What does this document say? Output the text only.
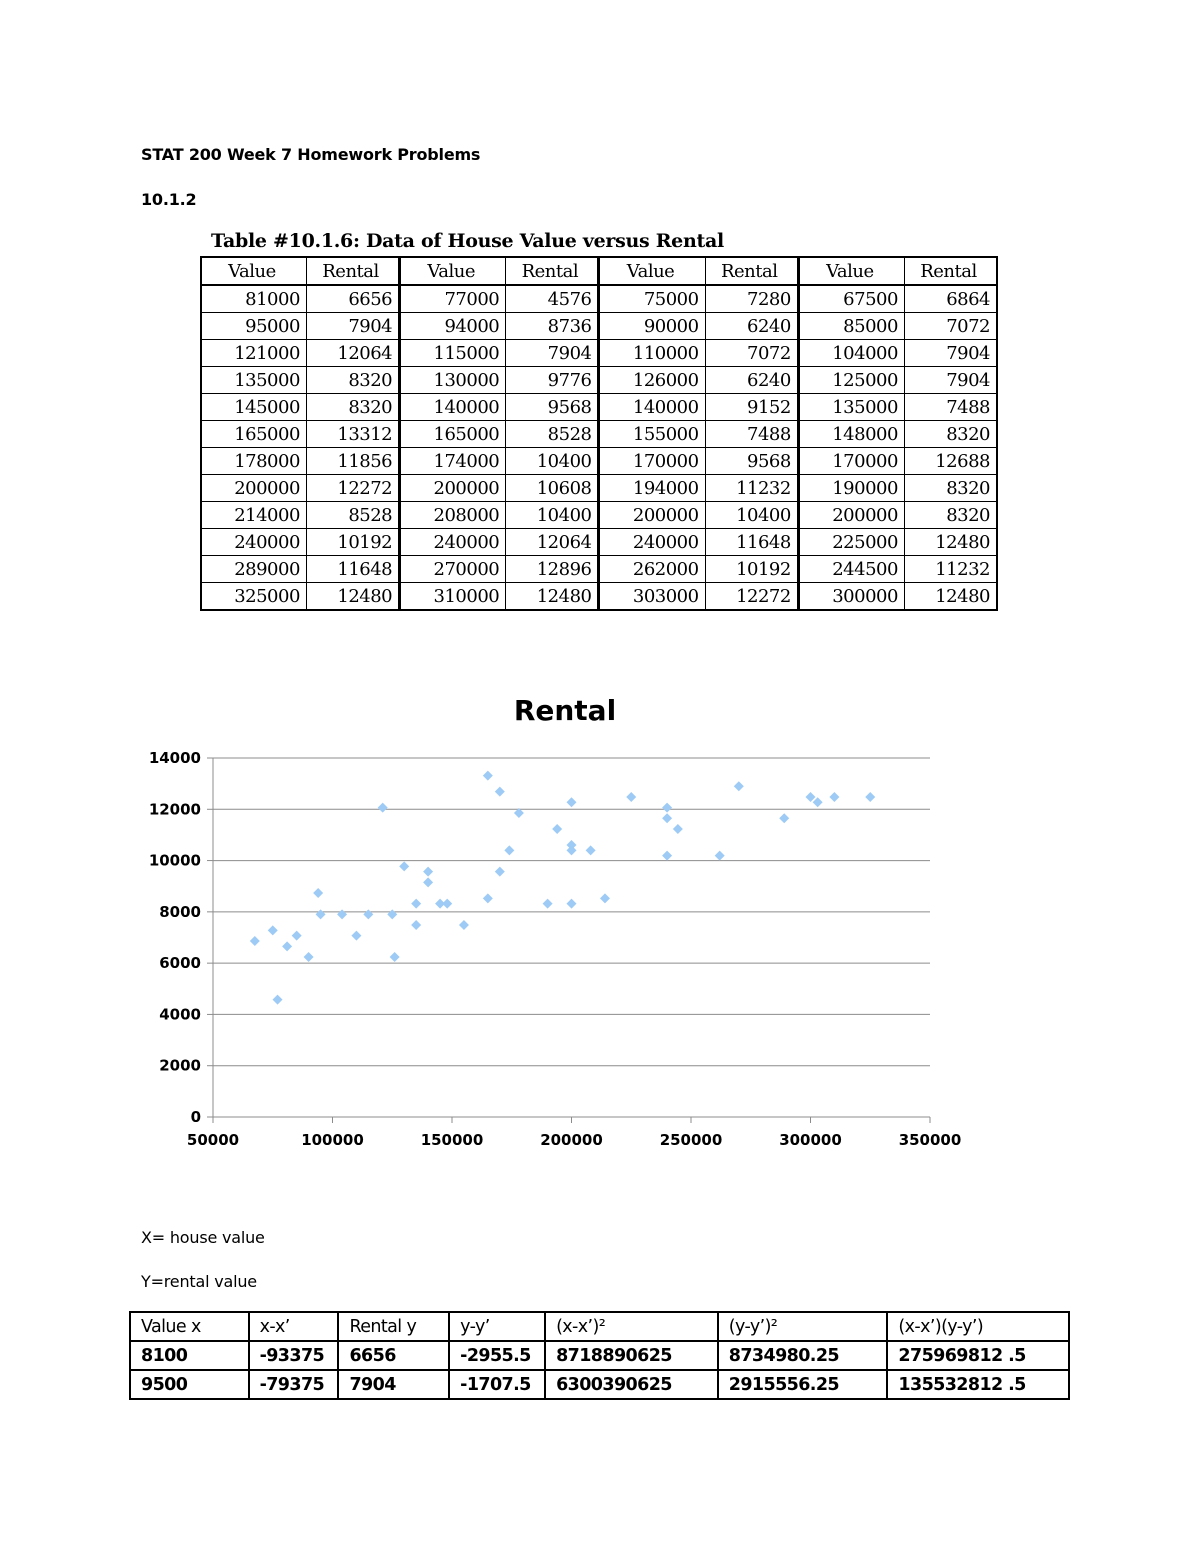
STAT 200 Week 7 Homework Problems
10.1.2
Table #10.1.6: Data of House Value versus Rental
Value	Rental	Value	Rental	Value	Rental	Value	Rental
81000	6656	77000	4576	75000	7280	67500	6864
95000	7904	94000	8736	90000	6240	85000	7072
121000	12064	115000	7904	110000	7072	104000	7904
135000	8320	130000	9776	126000	6240	125000	7904
145000	8320	140000	9568	140000	9152	135000	7488
165000	13312	165000	8528	155000	7488	148000	8320
178000	11856	174000	10400	170000	9568	170000	12688
200000	12272	200000	10608	194000	11232	190000	8320
214000	8528	208000	10400	200000	10400	200000	8320
240000	10192	240000	12064	240000	11648	225000	12480
289000	11648	270000	12896	262000	10192	244500	11232
325000	12480	310000	12480	303000	12272	300000	12480
Rental
0
2000
4000
6000
8000
10000
12000
14000
50000	100000	150000	200000	250000	300000	350000
X= house value
Y=rental value
Value x	x-x’	Rental y	y-y’	(x-x’)²	(y-y’)²	(x-x’)(y-y’)
8100	-93375	6656	-2955.5	8718890625	8734980.25	275969812 .5
9500	-79375	7904	-1707.5	6300390625	2915556.25	135532812 .5
